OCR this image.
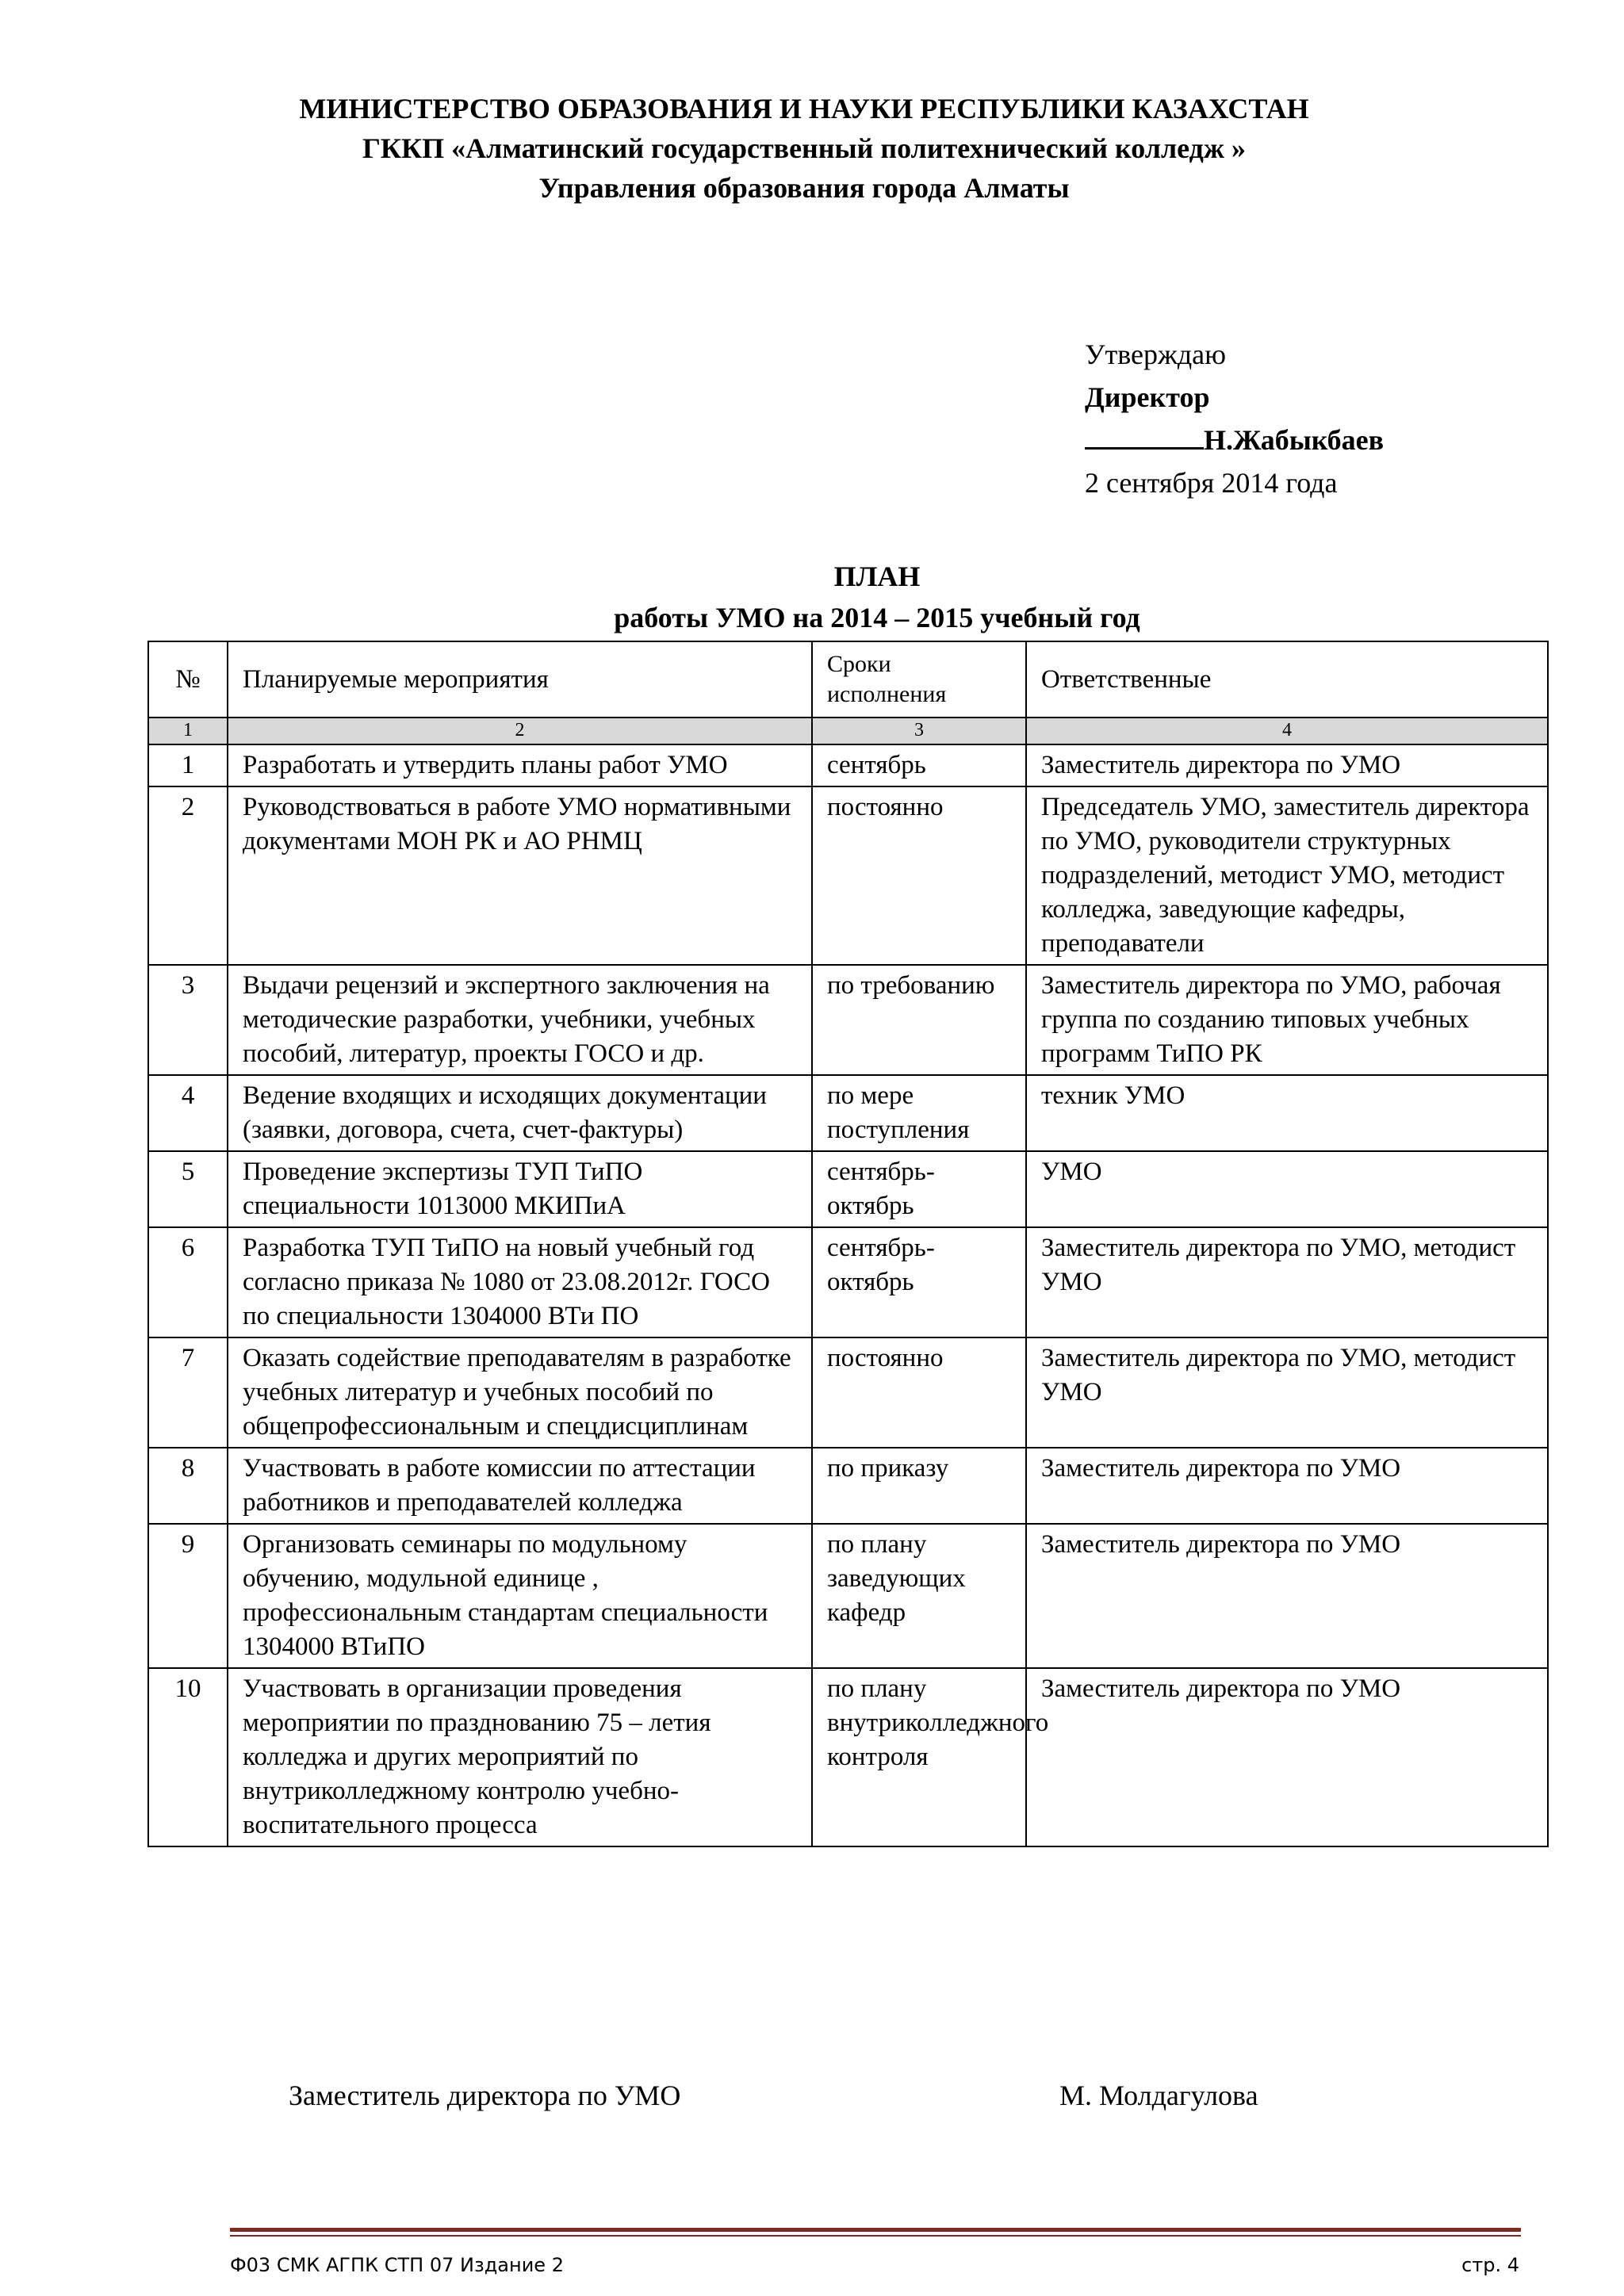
МИНИСТЕРСТВО ОБРАЗОВАНИЯ И НАУКИ РЕСПУБЛИКИ КАЗАХСТАН
ГККП «Алматинский государственный политехнический колледж »
Управления образования города Алматы
Утверждаю
Директор
Н.Жабыкбаев
2 сентября 2014 года
ПЛАН
работы УМО на 2014 – 2015 учебный год
№	Планируемые мероприятия	Сроки исполнения	Ответственные
1	2	3	4
1	Разработать и утвердить планы работ УМО	сентябрь	Заместитель директора по УМО
2	Руководствоваться в работе УМО нормативными документами МОН РК и АО РНМЦ	постоянно	Председатель УМО, заместитель директора по УМО, руководители структурных подразделений, методист УМО, методист колледжа, заведующие кафедры, преподаватели
3	Выдачи рецензий и экспертного заключения на методические разработки, учебники, учебных пособий, литератур, проекты ГОСО и др.	по требованию	Заместитель директора по УМО, рабочая группа по созданию типовых учебных программ ТиПО РК
4	Ведение входящих и исходящих документации (заявки, договора, счета, счет-фактуры)	по мере поступления	техник УМО
5	Проведение экспертизы ТУП ТиПО специальности 1013000 МКИПиА	сентябрь-октябрь	УМО
6	Разработка ТУП ТиПО на новый учебный год согласно приказа № 1080 от 23.08.2012г. ГОСО по специальности 1304000 ВТи ПО	сентябрь-октябрь	Заместитель директора по УМО, методист УМО
7	Оказать содействие преподавателям в разработке учебных литератур и учебных пособий по общепрофессиональным и спецдисциплинам	постоянно	Заместитель директора по УМО, методист УМО
8	Участвовать в работе комиссии по аттестации работников и преподавателей колледжа	по приказу	Заместитель директора по УМО
9	Организовать семинары по модульному обучению, модульной единице , профессиональным стандартам специальности 1304000 ВТиПО	по плану заведующих кафедр	Заместитель директора по УМО
10	Участвовать в организации проведения мероприятии по празднованию 75 – летия колледжа и других мероприятий по внутриколледжному контролю учебно-воспитательного процесса	по плану внутриколледжного контроля	Заместитель директора по УМО
Заместитель директора по УМО	М. Молдагулова
Ф03 СМК АГПК СТП 07 Издание 2	стр. 4
